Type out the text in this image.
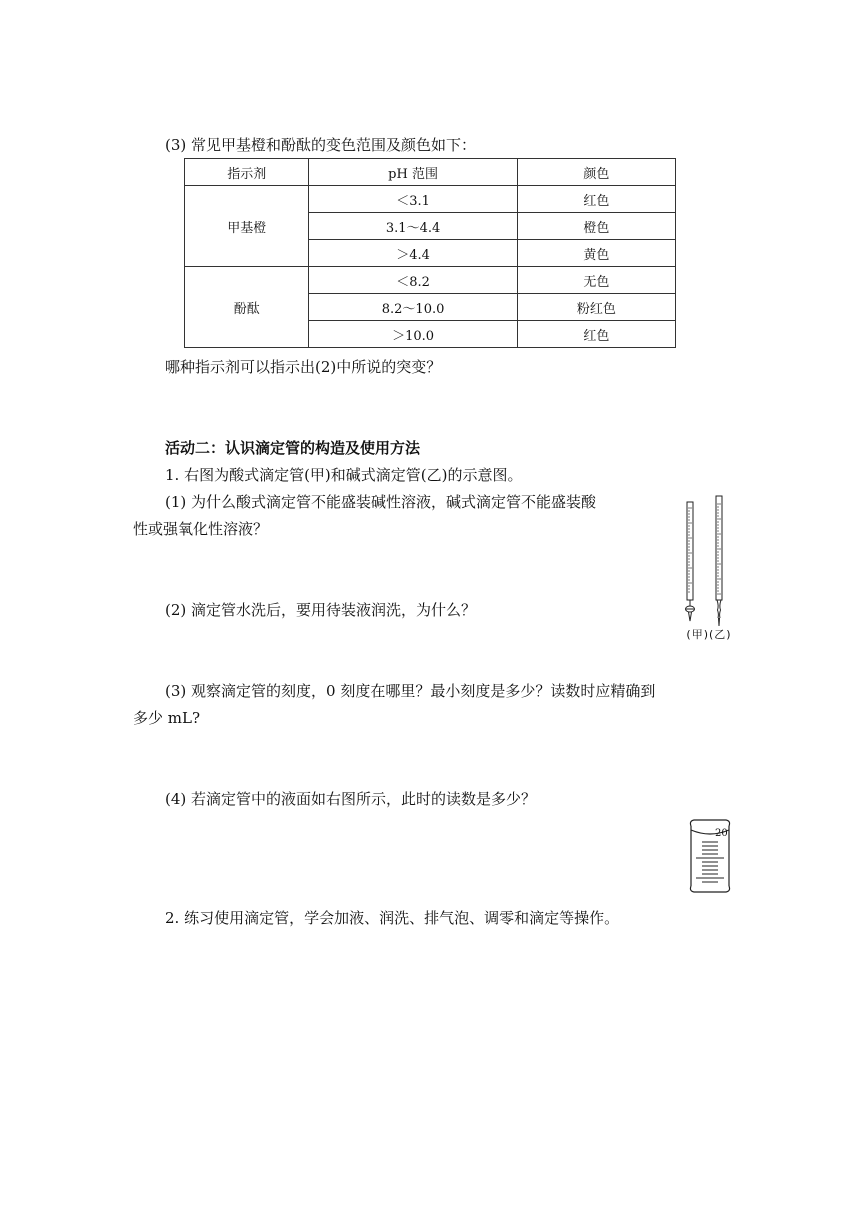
(3) 常见甲基橙和酚酞的变色范围及颜色如下：
指示剂	pH 范围	颜色
甲基橙	＜3.1	红色
	3.1～4.4	橙色
	＞4.4	黄色
酚酞	＜8.2	无色
	8.2～10.0	粉红色
	＞10.0	红色
哪种指示剂可以指示出(2)中所说的突变？
活动二：认识滴定管的构造及使用方法
1. 右图为酸式滴定管(甲)和碱式滴定管(乙)的示意图。
(1) 为什么酸式滴定管不能盛装碱性溶液，碱式滴定管不能盛装酸
性或强氧化性溶液？
(2) 滴定管水洗后，要用待装液润洗，为什么？
(3) 观察滴定管的刻度，0 刻度在哪里？最小刻度是多少？读数时应精确到
多少 mL?
(4) 若滴定管中的液面如右图所示，此时的读数是多少？
2. 练习使用滴定管，学会加液、润洗、排气泡、调零和滴定等操作。
(甲)(乙)
20
